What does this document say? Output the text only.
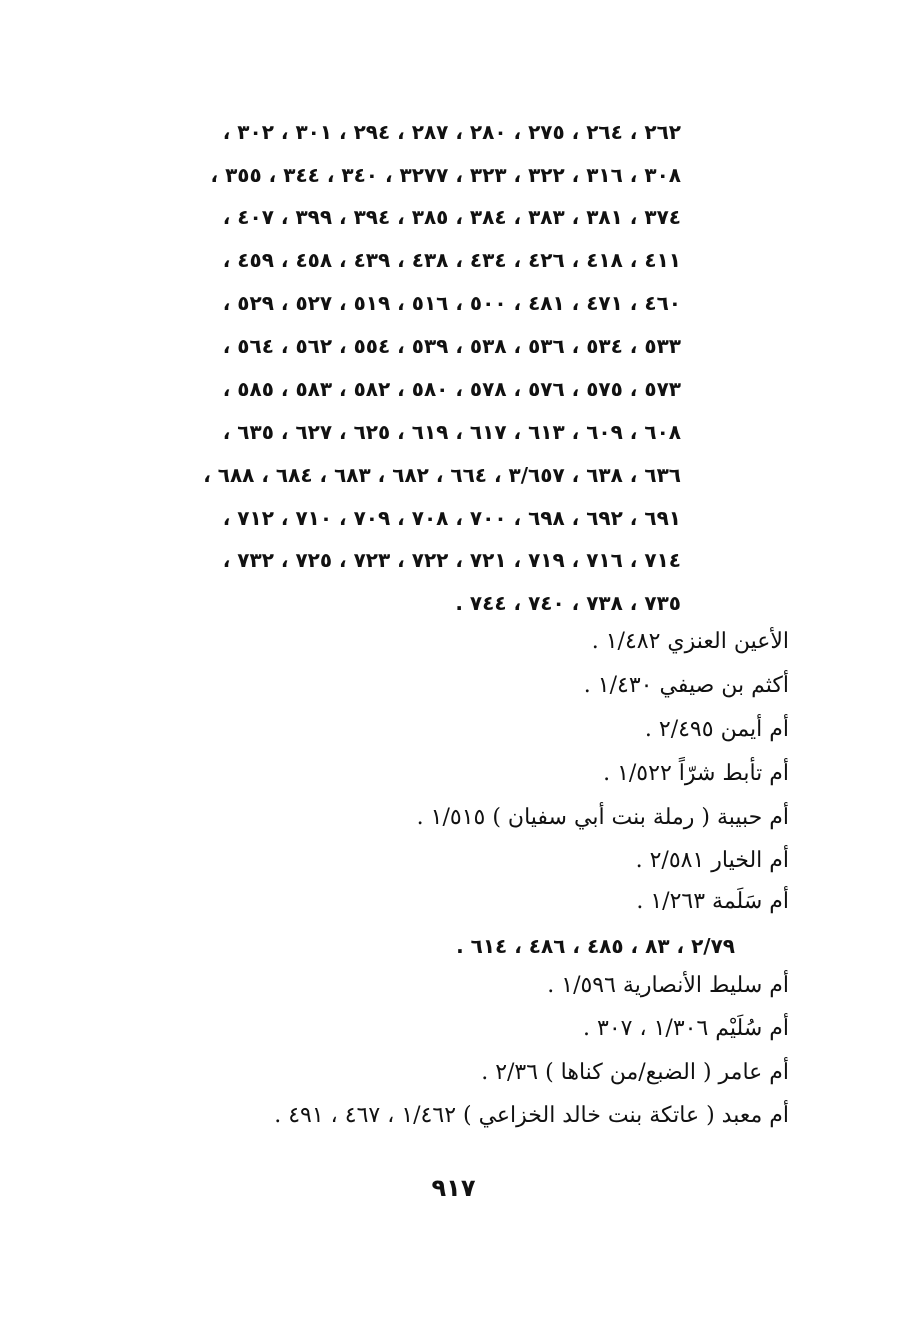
٢٦٢ ، ٢٦٤ ، ٢٧٥ ، ٢٨٠ ، ٢٨٧ ، ٢٩٤ ، ٣٠١ ، ٣٠٢ ،
٣٠٨ ، ٣١٦ ، ٣٢٢ ، ٣٢٣ ، ٣٢٧٧ ، ٣٤٠ ، ٣٤٤ ، ٣٥٥ ،
٣٧٤ ، ٣٨١ ، ٣٨٣ ، ٣٨٤ ، ٣٨٥ ، ٣٩٤ ، ٣٩٩ ، ٤٠٧ ،
٤١١ ، ٤١٨ ، ٤٢٦ ، ٤٣٤ ، ٤٣٨ ، ٤٣٩ ، ٤٥٨ ، ٤٥٩ ،
٤٦٠ ، ٤٧١ ، ٤٨١ ، ٥٠٠ ، ٥١٦ ، ٥١٩ ، ٥٢٧ ، ٥٢٩ ،
٥٣٣ ، ٥٣٤ ، ٥٣٦ ، ٥٣٨ ، ٥٣٩ ، ٥٥٤ ، ٥٦٢ ، ٥٦٤ ،
٥٧٣ ، ٥٧٥ ، ٥٧٦ ، ٥٧٨ ، ٥٨٠ ، ٥٨٢ ، ٥٨٣ ، ٥٨٥ ،
٦٠٨ ، ٦٠٩ ، ٦١٣ ، ٦١٧ ، ٦١٩ ، ٦٢٥ ، ٦٢٧ ، ٦٣٥ ،
٦٣٦ ، ٦٣٨ ، ٣/٦٥٧ ، ٦٦٤ ، ٦٨٢ ، ٦٨٣ ، ٦٨٤ ، ٦٨٨ ،
٦٩١ ، ٦٩٢ ، ٦٩٨ ، ٧٠٠ ، ٧٠٨ ، ٧٠٩ ، ٧١٠ ، ٧١٢ ،
٧١٤ ، ٧١٦ ، ٧١٩ ، ٧٢١ ، ٧٢٢ ، ٧٢٣ ، ٧٢٥ ، ٧٣٢ ،
٧٣٥ ، ٧٣٨ ، ٧٤٠ ، ٧٤٤ .
الأعين العنزي ١/٤٨٢ .
أكثم بن صيفي ١/٤٣٠ .
أم أيمن ٢/٤٩٥ .
أم تأبط شرّاً ١/٥٢٢ .
أم حبيبة ( رملة بنت أبي سفيان ) ١/٥١٥ .
أم الخيار ٢/٥٨١ .
أم سَلَمة ١/٢٦٣ .
٢/٧٩ ، ٨٣ ، ٤٨٥ ، ٤٨٦ ، ٦١٤ .
أم سليط الأنصارية ١/٥٩٦ .
أم سُلَيْم ١/٣٠٦ ، ٣٠٧ .
أم عامر ( الضبع/من كناها ) ٢/٣٦ .
أم معبد ( عاتكة بنت خالد الخزاعي ) ١/٤٦٢ ، ٤٦٧ ، ٤٩١ .
٩١٧
